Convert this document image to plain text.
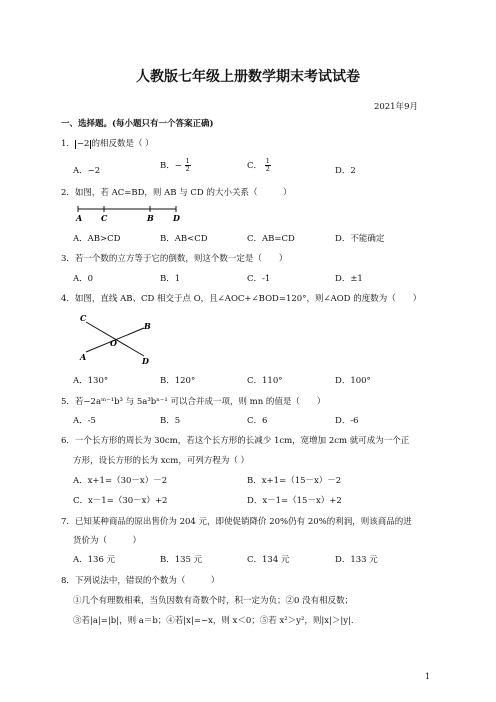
人教版七年级上册数学期末考试试卷
2021年9月
一、选择题。(每小题只有一个答案正确)
1． −2 的相反数是（ ）
A．−2	B．− $\frac{1}{2}$	C． $\frac{1}{2}$	D．2
2．如图，若 AC=BD，则 AB 与 CD 的大小关系（　　　）
A C	B D
A．AB>CD	B．AB<CD	C．AB=CD	D．不能确定
3．若一个数的立方等于它的倒数，则这个数一定是（　　）
A．0	B．1	C．-1	D．±1
4．如图，直线 AB、CD 相交于点 O，且∠AOC+∠BOD=120°，则∠AOD 的度数为（　　）
C
B
O
A	D
A．130°	B．120°	C．110°	D．100°
5．若−2aᵐ⁻¹b³ 与 5a³bⁿ⁻¹ 可以合并成一项，则 mn 的值是（　　）
A．-5	B．5	C．6	D．-6
6．一个长方形的周长为 30cm，若这个长方形的长减少 1cm，宽增加 2cm 就可成为一个正
方形，设长方形的长为 xcm，可列方程为（ ）
A．x+1=（30－x）－2	B．x+1=（15－x）－2
C．x－1=（30－x）+2	D．x－1=（15－x）+2
7．已知某种商品的原出售价为 204 元，即使促销降价 20%仍有 20%的利润，则该商品的进
货价为（　　　）
A．136 元	B．135 元	C．134 元	D．133 元
8．下列说法中，错误的个数为（　　　）
①几个有理数相乘，当负因数有奇数个时，积一定为负；②0 没有相反数；
③若|a|=|b|，则 a＝b；④若|x|=−x，则 x＜0；⑤若 x²＞y²，则|x|＞|y|.
1
